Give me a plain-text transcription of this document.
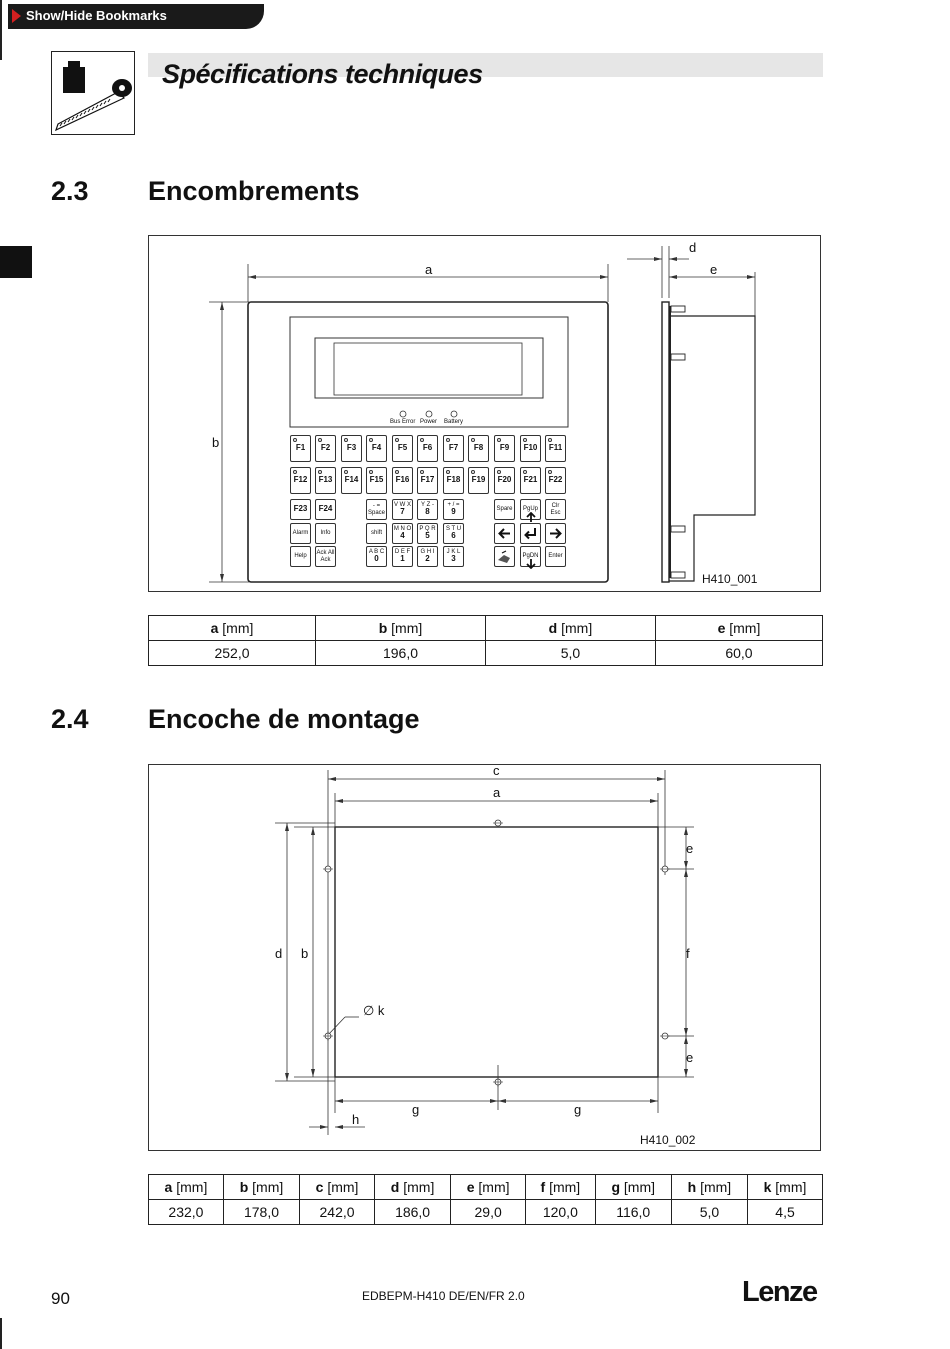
Show/Hide Bookmarks
Spécifications techniques
2.3 Encombrements
a
b
d
e
H410_001
Bus Error Power Battery
F1 F2 F3 F4 F5 F6 F7 F8 F9 F10 F11
F12 F13 F14 F15 F16 F17 F18 F19 F20 F21 F22
F23 F24	- =
Space
V W X
7
Y Z -
8
+ / =
9	Spare PgUp
Clr
Esc
Alarm Info	shift
M N O
4
P Q R
5
S T U
6
Help
Ack All
Ack
A B C
0
D E F
1
G H I
2
J K L
3	PgDN Enter
a [mm]	b [mm]	d [mm]	e [mm]
252,0	196,0	5,0	60,0
2.4 Encoche de montage
c
a
d b
e
f
e
g	g
h
∅ k
H410_002
a [mm]	b [mm]	c [mm]	d [mm]	e [mm]	f [mm]	g [mm]	h [mm]	k [mm]
232,0	178,0	242,0	186,0	29,0	120,0	116,0	5,0	4,5
90	EDBEPM-H410 DE/EN/FR 2.0	Lenze
